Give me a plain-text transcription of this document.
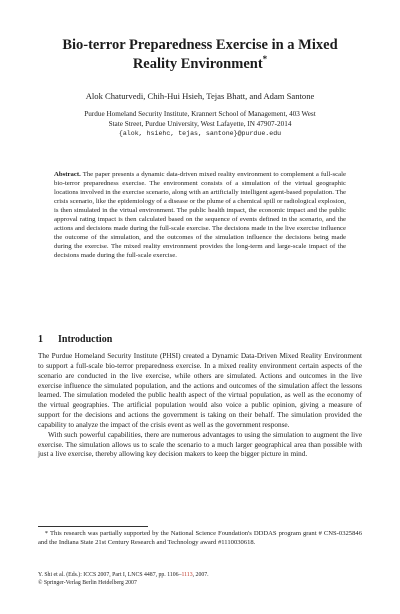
Bio-terror Preparedness Exercise in a Mixed
Reality Environment*
Alok Chaturvedi, Chih-Hui Hsieh, Tejas Bhatt, and Adam Santone
Purdue Homeland Security Institute, Krannert School of Management, 403 West
State Street, Purdue University, West Lafayette, IN 47907-2014
{alok, hsiehc, tejas, santone}@purdue.edu
Abstract. The paper presents a dynamic data-driven mixed reality environment to complement a full-scale bio-terror preparedness exercise. The environment consists of a simulation of the virtual geographic locations involved in the exercise scenario, along with an artificially intelligent agent-based population. The crisis scenario, like the epidemiology of a disease or the plume of a chemical spill or radiological explosion, is then simulated in the virtual environment. The public health impact, the economic impact and the public approval rating impact is then calculated based on the sequence of events defined in the scenario, and the actions and decisions made during the full-scale exercise. The decisions made in the live exercise influence the outcome of the simulation, and the outcomes of the simulation influence the decisions being made during the exercise. The mixed reality environment provides the long-term and large-scale impact of the decisions made during the full-scale exercise.
1 Introduction

The Purdue Homeland Security Institute (PHSI) created a Dynamic Data-Driven Mixed Reality Environment to support a full-scale bio-terror preparedness exercise. In a mixed reality environment certain aspects of the scenario are conducted in the live exercise, while others are simulated. Actions and outcomes in the live exercise influence the simulated population, and the actions and outcomes of the simulation affect the lessons learned. The simulation modeled the public health aspect of the virtual population, as well as the economy of the virtual geographies. The artificial population would also voice a public opinion, giving a measure of support for the decisions and actions the government is taking on their behalf. The simulation provided the capability to analyze the impact of the crisis event as well as the government response.

With such powerful capabilities, there are numerous advantages to using the simulation to augment the live exercise. The simulation allows us to scale the scenario to a much larger geographical area than possible with just a live exercise, thereby allowing key decision makers to keep the bigger picture in mind.

* This research was partially supported by the National Science Foundation's DDDAS program grant # CNS-0325846 and the Indiana State 21st Century Research and Technology award #1110030618.
Y. Shi et al. (Eds.): ICCS 2007, Part I, LNCS 4487, pp. 1106–1113, 2007.
© Springer-Verlag Berlin Heidelberg 2007
